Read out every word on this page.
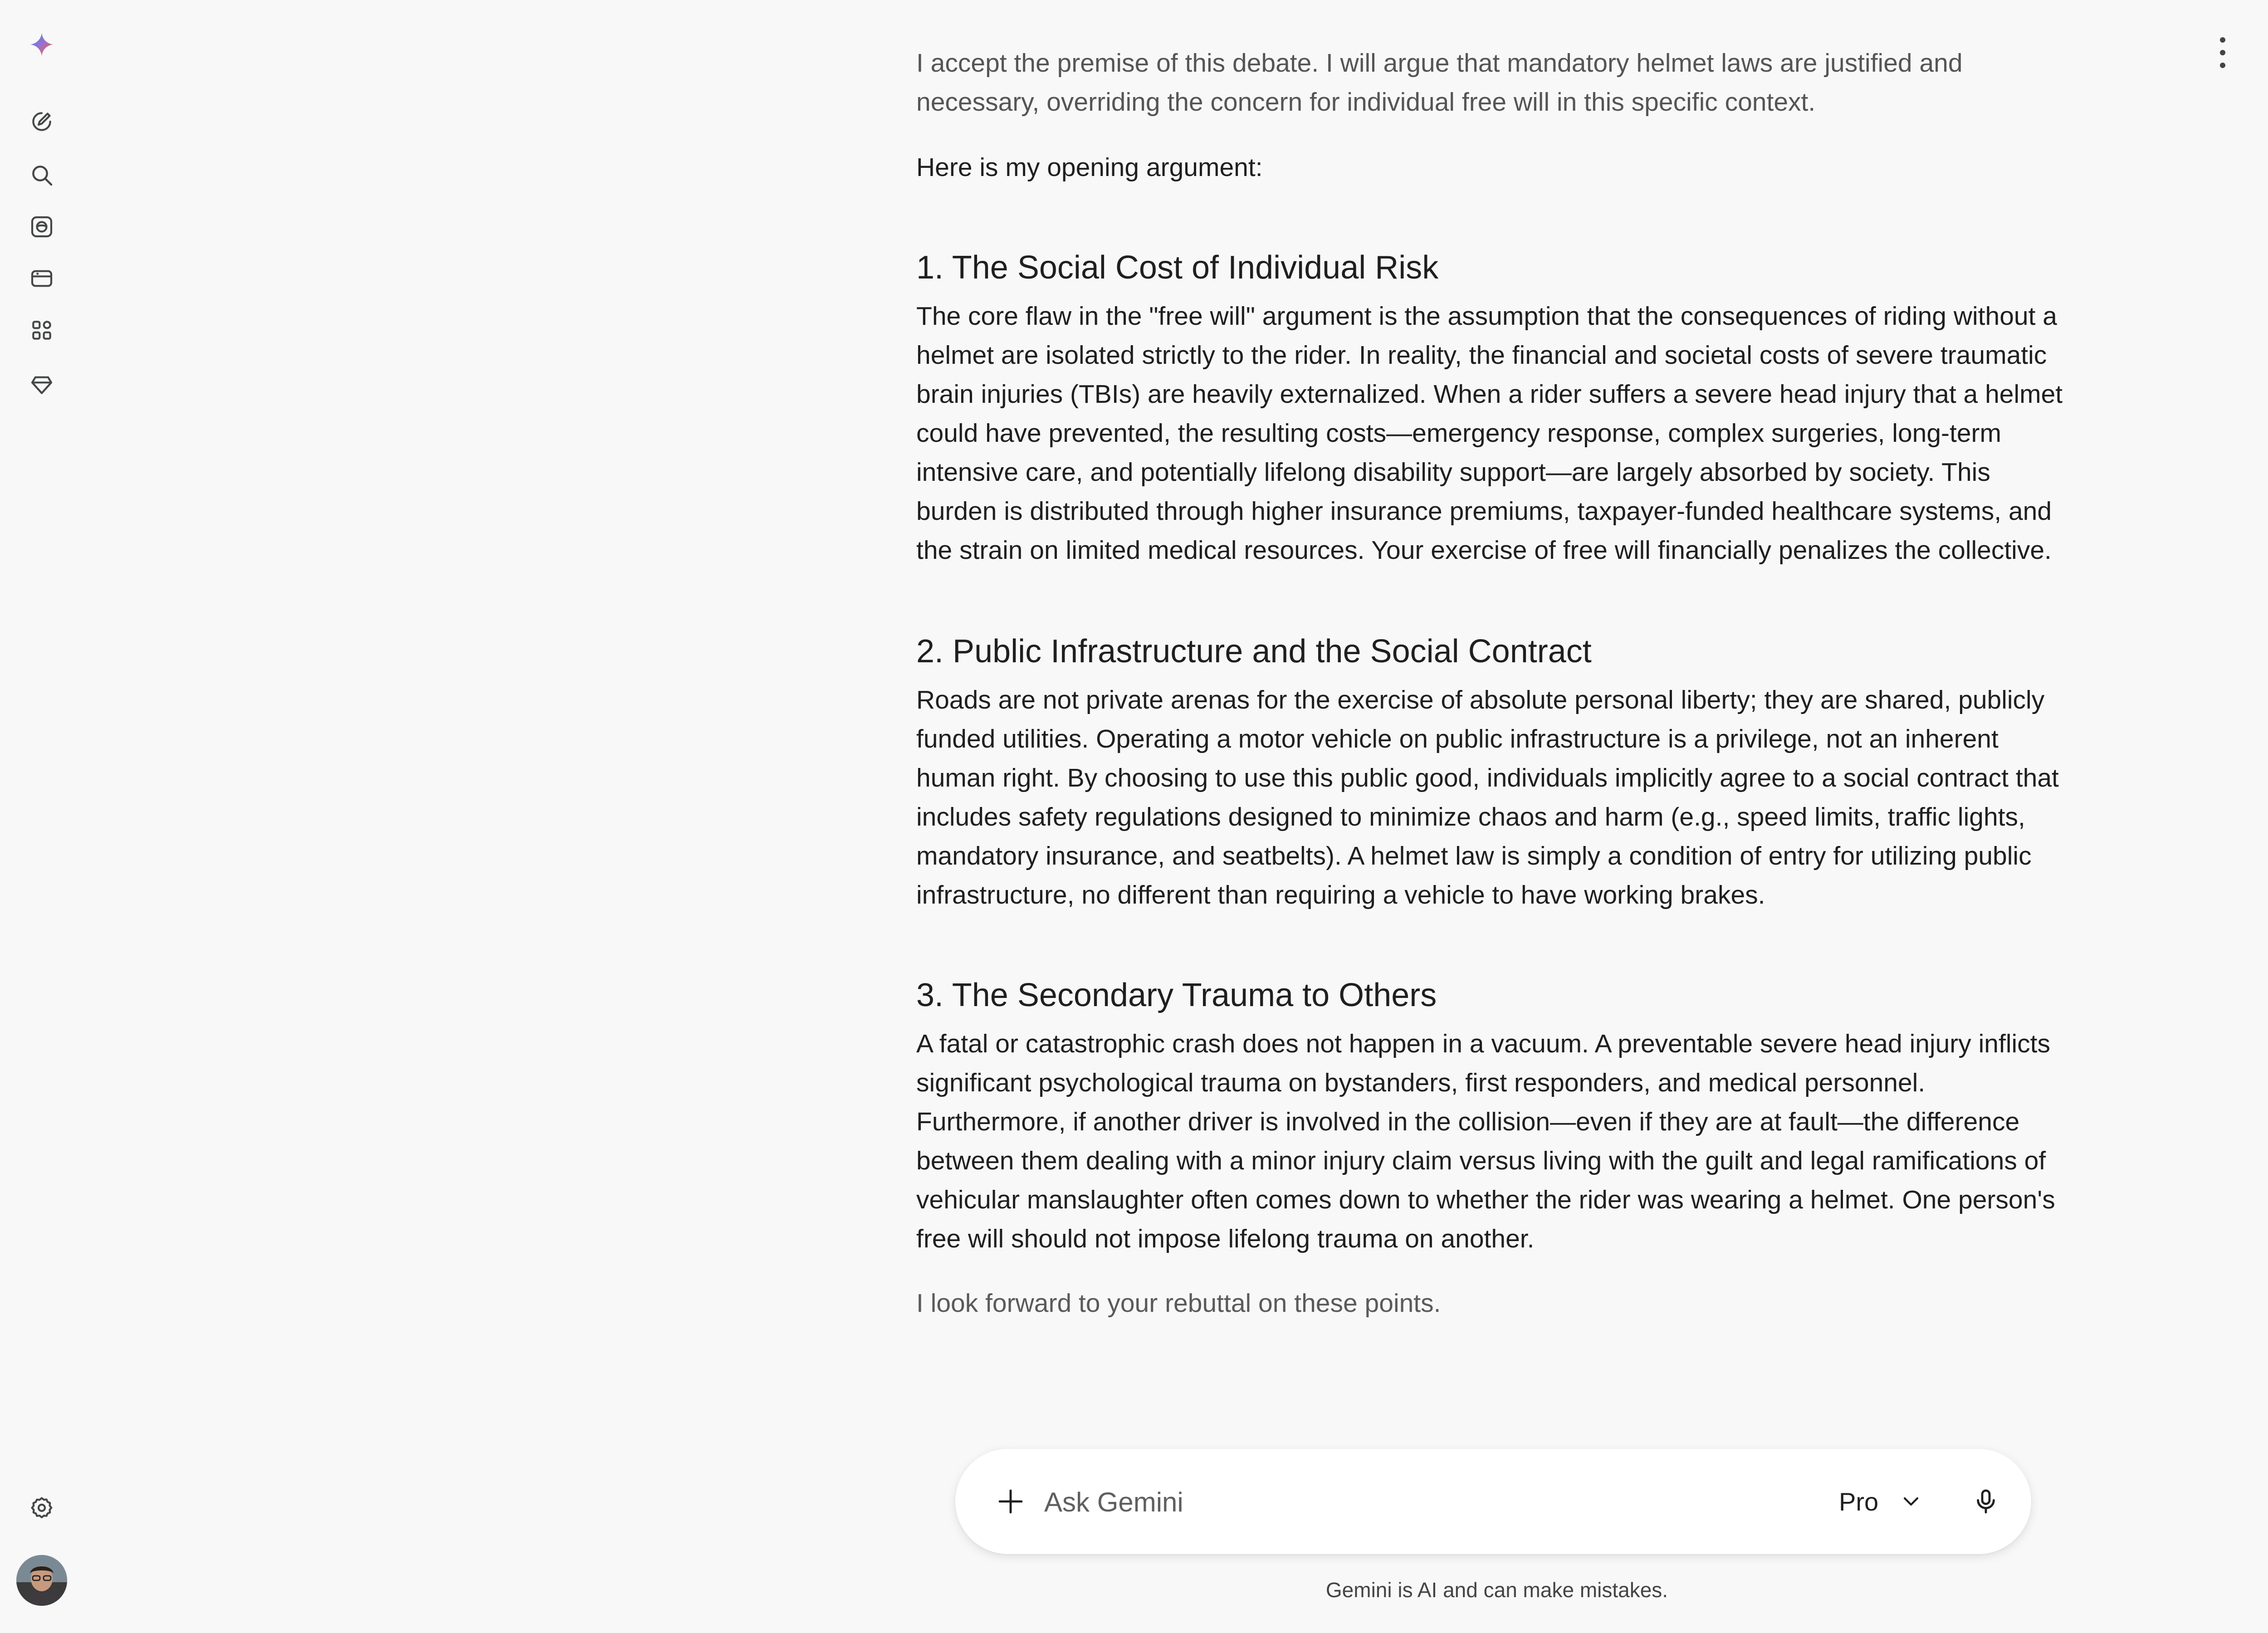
I accept the premise of this debate. I will argue that mandatory helmet laws are justified and necessary, overriding the concern for individual free will in this specific context.

Here is my opening argument:

1. The Social Cost of Individual Risk

The core flaw in the "free will" argument is the assumption that the consequences of riding without a helmet are isolated strictly to the rider. In reality, the financial and societal costs of severe traumatic brain injuries (TBIs) are heavily externalized. When a rider suffers a severe head injury that a helmet could have prevented, the resulting costs—emergency response, complex surgeries, long-term intensive care, and potentially lifelong disability support—are largely absorbed by society. This burden is distributed through higher insurance premiums, taxpayer-funded healthcare systems, and the strain on limited medical resources. Your exercise of free will financially penalizes the collective.

2. Public Infrastructure and the Social Contract

Roads are not private arenas for the exercise of absolute personal liberty; they are shared, publicly funded utilities. Operating a motor vehicle on public infrastructure is a privilege, not an inherent human right. By choosing to use this public good, individuals implicitly agree to a social contract that includes safety regulations designed to minimize chaos and harm (e.g., speed limits, traffic lights, mandatory insurance, and seatbelts). A helmet law is simply a condition of entry for utilizing public infrastructure, no different than requiring a vehicle to have working brakes.

3. The Secondary Trauma to Others

A fatal or catastrophic crash does not happen in a vacuum. A preventable severe head injury inflicts significant psychological trauma on bystanders, first responders, and medical personnel. Furthermore, if another driver is involved in the collision—even if they are at fault—the difference between them dealing with a minor injury claim versus living with the guilt and legal ramifications of vehicular manslaughter often comes down to whether the rider was wearing a helmet. One person's free will should not impose lifelong trauma on another.

I look forward to your rebuttal on these points.

Ask Gemini
Pro
Gemini is AI and can make mistakes.
